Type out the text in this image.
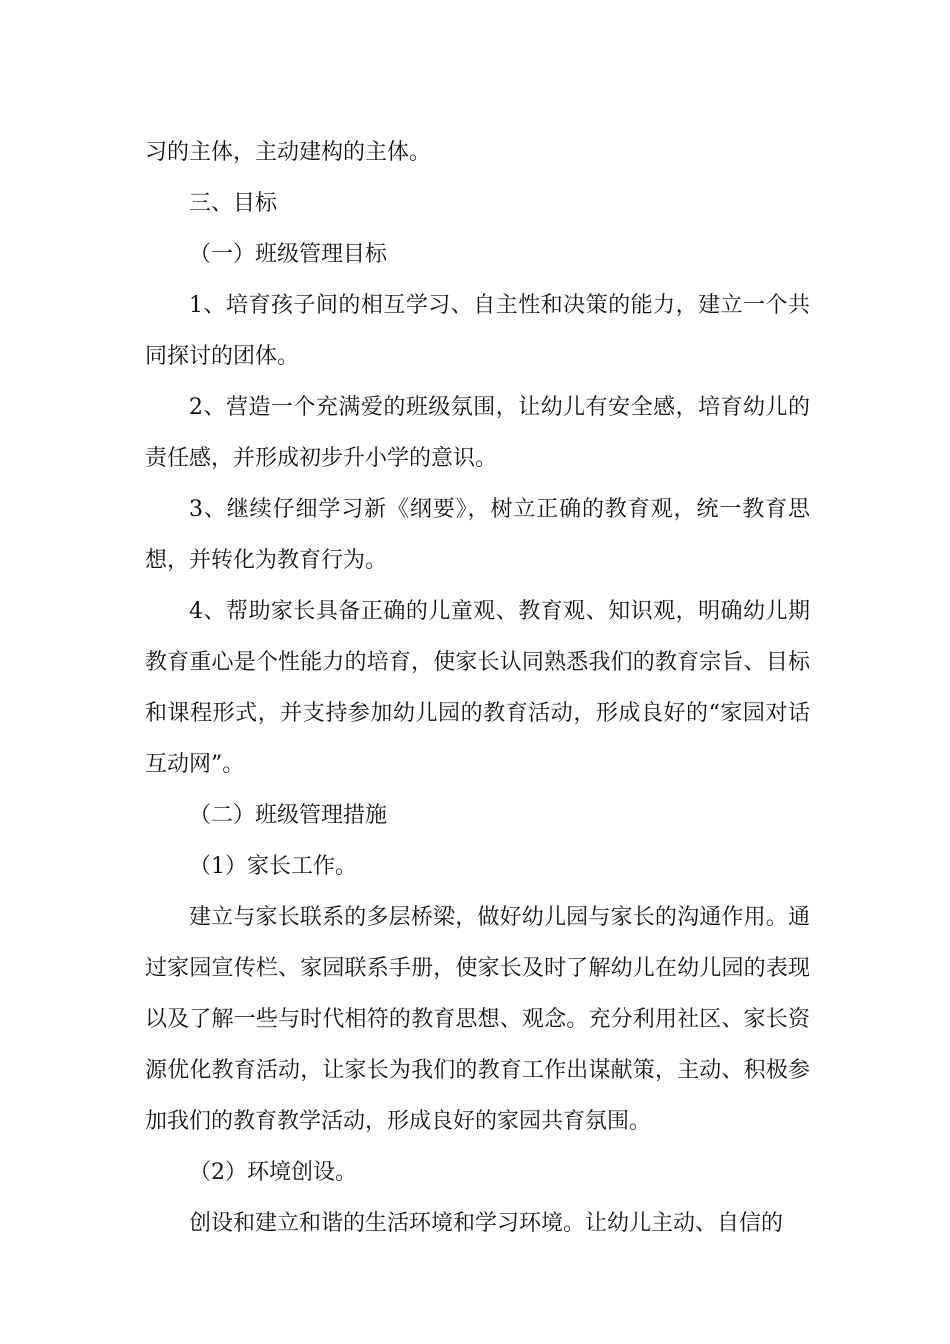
习的主体，主动建构的主体。

三、目标

（一）班级管理目标

1、培育孩子间的相互学习、自主性和决策的能力，建立一个共同探讨的团体。

2、营造一个充满爱的班级氛围，让幼儿有安全感，培育幼儿的责任感，并形成初步升小学的意识。

3、继续仔细学习新《纲要》，树立正确的教育观，统一教育思想，并转化为教育行为。

4、帮助家长具备正确的儿童观、教育观、知识观，明确幼儿期教育重心是个性能力的培育，使家长认同熟悉我们的教育宗旨、目标和课程形式，并支持参加幼儿园的教育活动，形成良好的“家园对话互动网”。

（二）班级管理措施

（1）家长工作。

建立与家长联系的多层桥梁，做好幼儿园与家长的沟通作用。通过家园宣传栏、家园联系手册，使家长及时了解幼儿在幼儿园的表现以及了解一些与时代相符的教育思想、观念。充分利用社区、家长资源优化教育活动，让家长为我们的教育工作出谋献策，主动、积极参加我们的教育教学活动，形成良好的家园共育氛围。

（2）环境创设。

创设和建立和谐的生活环境和学习环境。让幼儿主动、自信的
